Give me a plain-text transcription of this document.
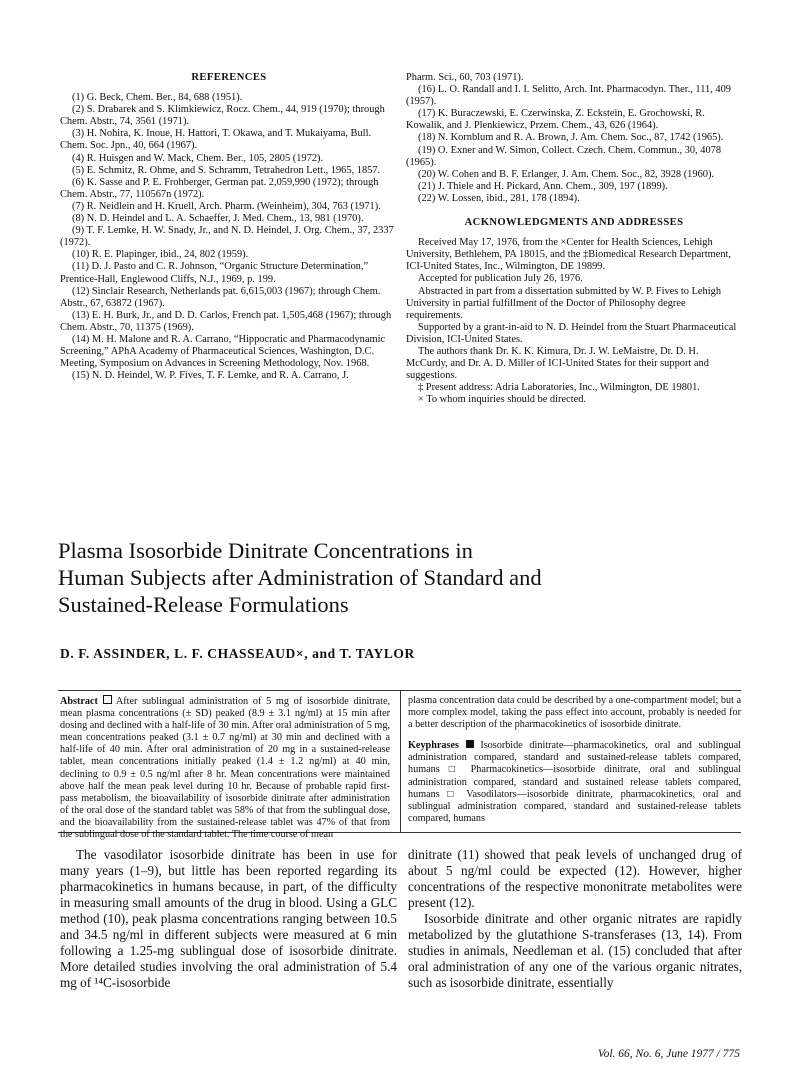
REFERENCES

(1) G. Beck, Chem. Ber., 84, 688 (1951).

(2) S. Drabarek and S. Klimkiewicz, Rocz. Chem., 44, 919 (1970); through Chem. Abstr., 74, 3561 (1971).

(3) H. Nohira, K. Inoue, H. Hattori, T. Okawa, and T. Mukaiyama, Bull. Chem. Soc. Jpn., 40, 664 (1967).

(4) R. Huisgen and W. Mack, Chem. Ber., 105, 2805 (1972).

(5) E. Schmitz, R. Ohme, and S. Schramm, Tetrahedron Lett., 1965, 1857.

(6) K. Sasse and P. E. Frohberger, German pat. 2,059,990 (1972); through Chem. Abstr., 77, 110567n (1972).

(7) R. Neidlein and H. Kruell, Arch. Pharm. (Weinheim), 304, 763 (1971).

(8) N. D. Heindel and L. A. Schaeffer, J. Med. Chem., 13, 981 (1970).

(9) T. F. Lemke, H. W. Snady, Jr., and N. D. Heindel, J. Org. Chem., 37, 2337 (1972).

(10) R. E. Plapinger, ibid., 24, 802 (1959).

(11) D. J. Pasto and C. R. Johnson, “Organic Structure Determination,” Prentice-Hall, Englewood Cliffs, N.J., 1969, p. 199.

(12) Sinclair Research, Netherlands pat. 6,615,003 (1967); through Chem. Abstr., 67, 63872 (1967).

(13) E. H. Burk, Jr., and D. D. Carlos, French pat. 1,505,468 (1967); through Chem. Abstr., 70, 11375 (1969).

(14) M. H. Malone and R. A. Carrano, “Hippocratic and Pharmacodynamic Screening,” APhA Academy of Pharmaceutical Sciences, Washington, D.C. Meeting, Symposium on Advances in Screening Methodology, Nov. 1968.

(15) N. D. Heindel, W. P. Fives, T. F. Lemke, and R. A. Carrano, J.

Pharm. Sci., 60, 703 (1971).

(16) L. O. Randall and I. I. Selitto, Arch. Int. Pharmacodyn. Ther., 111, 409 (1957).

(17) K. Buraczewski, E. Czerwinska, Z. Eckstein, E. Grochowski, R. Kowalik, and J. Plenkiewicz, Przem. Chem., 43, 626 (1964).

(18) N. Kornblum and R. A. Brown, J. Am. Chem. Soc., 87, 1742 (1965).

(19) O. Exner and W. Simon, Collect. Czech. Chem. Commun., 30, 4078 (1965).

(20) W. Cohen and B. F. Erlanger, J. Am. Chem. Soc., 82, 3928 (1960).

(21) J. Thiele and H. Pickard, Ann. Chem., 309, 197 (1899).

(22) W. Lossen, ibid., 281, 178 (1894).

ACKNOWLEDGMENTS AND ADDRESSES

Received May 17, 1976, from the ×Center for Health Sciences, Lehigh University, Bethlehem, PA 18015, and the ‡Biomedical Research Department, ICI-United States, Inc., Wilmington, DE 19899.

Accepted for publication July 26, 1976.

Abstracted in part from a dissertation submitted by W. P. Fives to Lehigh University in partial fulfillment of the Doctor of Philosophy degree requirements.

Supported by a grant-in-aid to N. D. Heindel from the Stuart Pharmaceutical Division, ICI-United States.

The authors thank Dr. K. K. Kimura, Dr. J. W. LeMaistre, Dr. D. H. McCurdy, and Dr. A. D. Miller of ICI-United States for their support and suggestions.

‡ Present address: Adria Laboratories, Inc., Wilmington, DE 19801.

× To whom inquiries should be directed.

Plasma Isosorbide Dinitrate Concentrations in
Human Subjects after Administration of Standard and
Sustained-Release Formulations
D. F. ASSINDER, L. F. CHASSEAUD×, and T. TAYLOR

Abstract After sublingual administration of 5 mg of isosorbide dinitrate, mean plasma concentrations (± SD) peaked (8.9 ± 3.1 ng/ml) at 15 min after dosing and declined with a half-life of 30 min. After oral administration of 5 mg, mean concentrations peaked (3.1 ± 0.7 ng/ml) at 30 min and declined with a half-life of 40 min. After oral administration of 20 mg in a sustained-release tablet, mean concentrations initially peaked (1.4 ± 1.2 ng/ml) at 40 min, declining to 0.9 ± 0.5 ng/ml after 8 hr. Mean concentrations were maintained above half the mean peak level during 10 hr. Because of probable rapid first-pass metabolism, the bioavailability of isosorbide dinitrate after administration of the oral dose of the standard tablet was 58% of that from the sublingual dose, and the bioavailability from the sustained-release tablet was 47% of that from the sublingual dose of the standard tablet. The time course of mean

plasma concentration data could be described by a one-compartment model; but a more complex model, taking the pass effect into account, probably is needed for a better description of the pharmacokinetics of isosorbide dinitrate.

Keyphrases Isosorbide dinitrate—pharmacokinetics, oral and sublingual administration compared, standard and sustained-release tablets compared, humans □ Pharmacokinetics—isosorbide dinitrate, oral and sublingual administration compared, standard and sustained release tablets compared, humans □ Vasodilators—isosorbide dinitrate, pharmacokinetics, oral and sublingual administration compared, standard and sustained-release tablets compared, humans

The vasodilator isosorbide dinitrate has been in use for many years (1–9), but little has been reported regarding its pharmacokinetics in humans because, in part, of the difficulty in measuring small amounts of the drug in blood. Using a GLC method (10), peak plasma concentrations ranging between 10.5 and 34.5 ng/ml in different subjects were measured at 6 min following a 1.25-mg sublingual dose of isosorbide dinitrate. More detailed studies involving the oral administration of 5.4 mg of ¹⁴C-isosorbide

dinitrate (11) showed that peak levels of unchanged drug of about 5 ng/ml could be expected (12). However, higher concentrations of the respective mononitrate metabolites were present (12).

Isosorbide dinitrate and other organic nitrates are rapidly metabolized by the glutathione S-transferases (13, 14). From studies in animals, Needleman et al. (15) concluded that after oral administration of any one of the various organic nitrates, such as isosorbide dinitrate, essentially

Vol. 66, No. 6, June 1977 / 775
